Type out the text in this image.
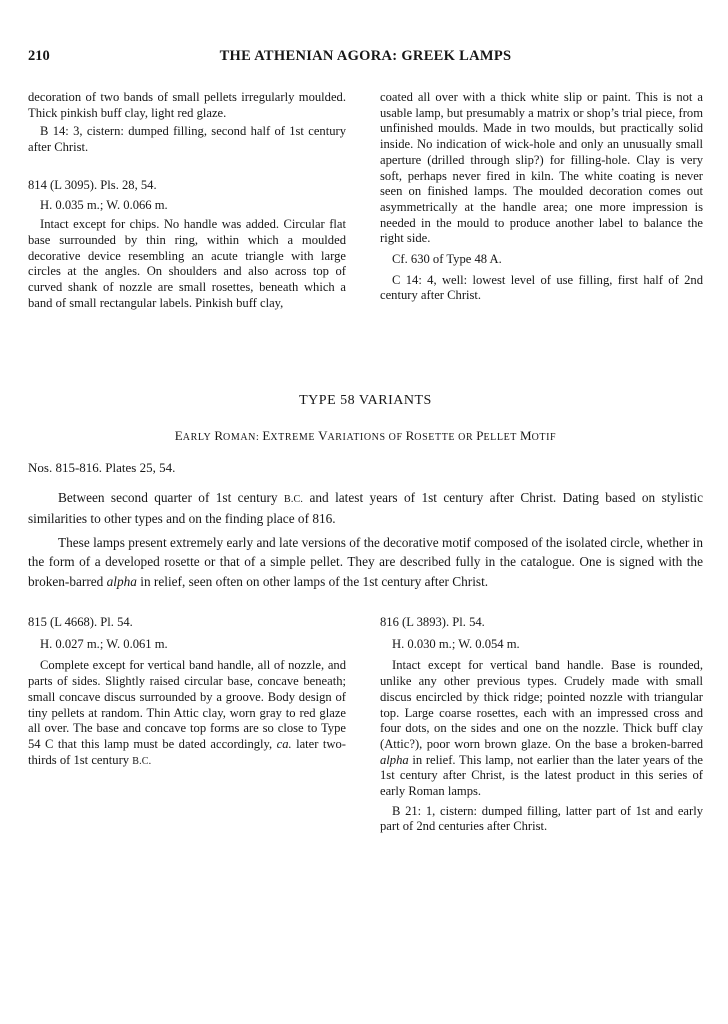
210	THE ATHENIAN AGORA: GREEK LAMPS

decoration of two bands of small pellets irregularly moulded. Thick pinkish buff clay, light red glaze.

B 14: 3, cistern: dumped filling, second half of 1st century after Christ.

814 (L 3095). Pls. 28, 54.

H. 0.035 m.; W. 0.066 m.

Intact except for chips. No handle was added. Circular flat base surrounded by thin ring, within which a moulded decorative device resembling an acute triangle with large circles at the angles. On shoulders and also across top of curved shank of nozzle are small rosettes, beneath which a band of small rectangular labels. Pinkish buff clay,

coated all over with a thick white slip or paint. This is not a usable lamp, but presumably a matrix or shop’s trial piece, from unfinished moulds. Made in two moulds, but practically solid inside. No indication of wick-hole and only an unusually small aperture (drilled through slip?) for filling-hole. Clay is very soft, perhaps never fired in kiln. The white coating is never seen on finished lamps. The moulded decoration comes out asymmetrically at the handle area; one more impression is needed in the mould to produce another label to balance the right side.

Cf. 630 of Type 48 A.

C 14: 4, well: lowest level of use filling, first half of 2nd century after Christ.

TYPE 58 VARIANTS
EARLY ROMAN: EXTREME VARIATIONS OF ROSETTE OR PELLET MOTIF
Nos. 815-816. Plates 25, 54.

Between second quarter of 1st century B.C. and latest years of 1st century after Christ. Dating based on stylistic similarities to other types and on the finding place of 816.

These lamps present extremely early and late versions of the decorative motif composed of the isolated circle, whether in the form of a developed rosette or that of a simple pellet. They are described fully in the catalogue. One is signed with the broken-barred alpha in relief, seen often on other lamps of the 1st century after Christ.

815 (L 4668). Pl. 54.

H. 0.027 m.; W. 0.061 m.

Complete except for vertical band handle, all of nozzle, and parts of sides. Slightly raised circular base, concave beneath; small concave discus surrounded by a groove. Body design of tiny pellets at random. Thin Attic clay, worn gray to red glaze all over. The base and concave top forms are so close to Type 54 C that this lamp must be dated accordingly, ca. later two-thirds of 1st century B.C.

816 (L 3893). Pl. 54.

H. 0.030 m.; W. 0.054 m.

Intact except for vertical band handle. Base is rounded, unlike any other previous types. Crudely made with small discus encircled by thick ridge; pointed nozzle with triangular top. Large coarse rosettes, each with an impressed cross and four dots, on the sides and one on the nozzle. Thick buff clay (Attic?), poor worn brown glaze. On the base a broken-barred alpha in relief. This lamp, not earlier than the later years of the 1st century after Christ, is the latest product in this series of early Roman lamps.

B 21: 1, cistern: dumped filling, latter part of 1st and early part of 2nd centuries after Christ.
